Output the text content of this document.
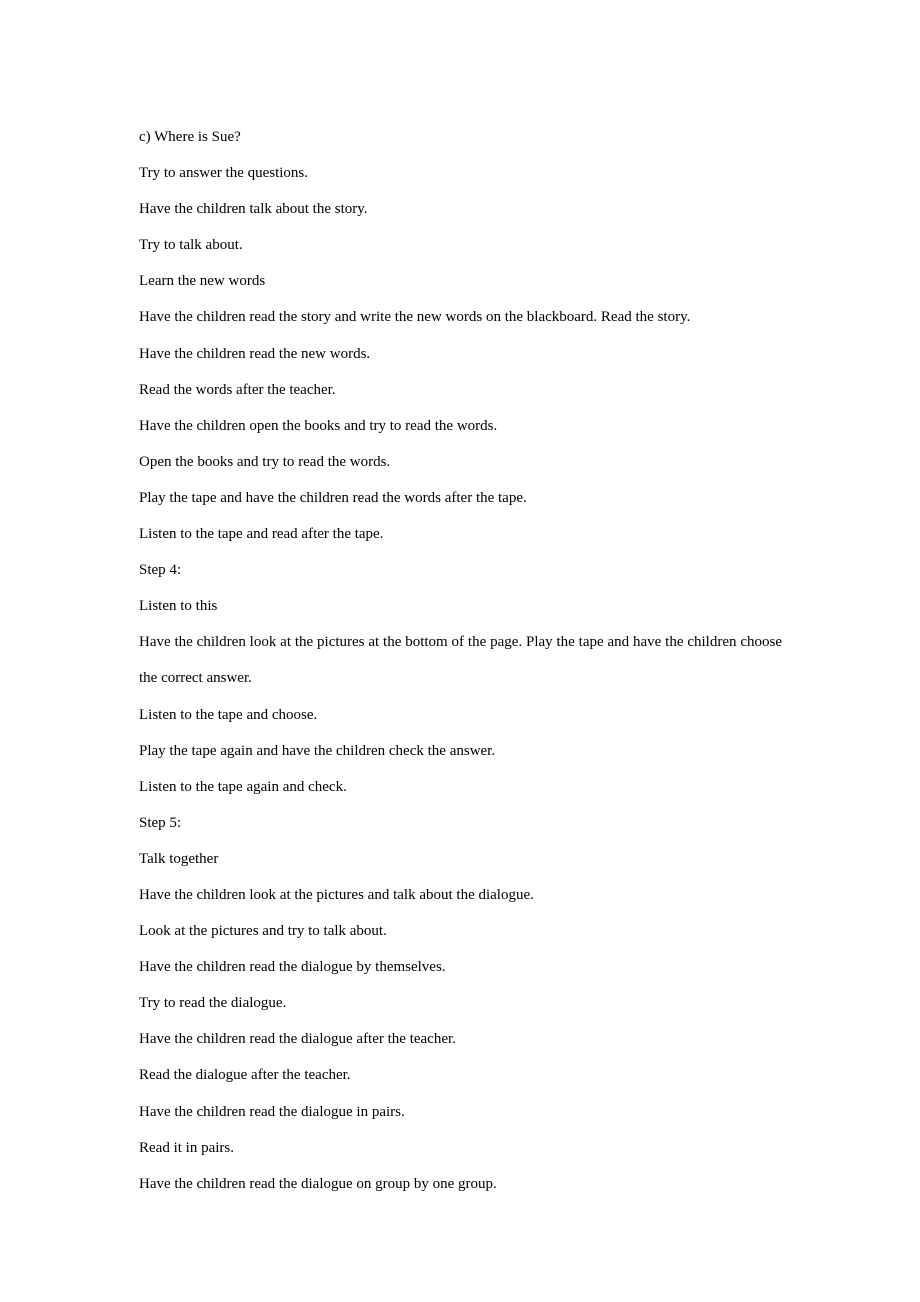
c) Where is Sue?

Try to answer the questions.

Have the children talk about the story.

Try to talk about.

Learn the new words

Have the children read the story and write the new words on the blackboard. Read the story.

Have the children read the new words.

Read the words after the teacher.

Have the children open the books and try to read the words.

Open the books and try to read the words.

Play the tape and have the children read the words after the tape.

Listen to the tape and read after the tape.

Step 4:

Listen to this

Have the children look at the pictures at the bottom of the page. Play the tape and have the children choose the correct answer.

Listen to the tape and choose.

Play the tape again and have the children check the answer.

Listen to the tape again and check.

Step 5:

Talk together

Have the children look at the pictures and talk about the dialogue.

Look at the pictures and try to talk about.

Have the children read the dialogue by themselves.

Try to read the dialogue.

Have the children read the dialogue after the teacher.

Read the dialogue after the teacher.

Have the children read the dialogue in pairs.

Read it in pairs.

Have the children read the dialogue on group by one group.
